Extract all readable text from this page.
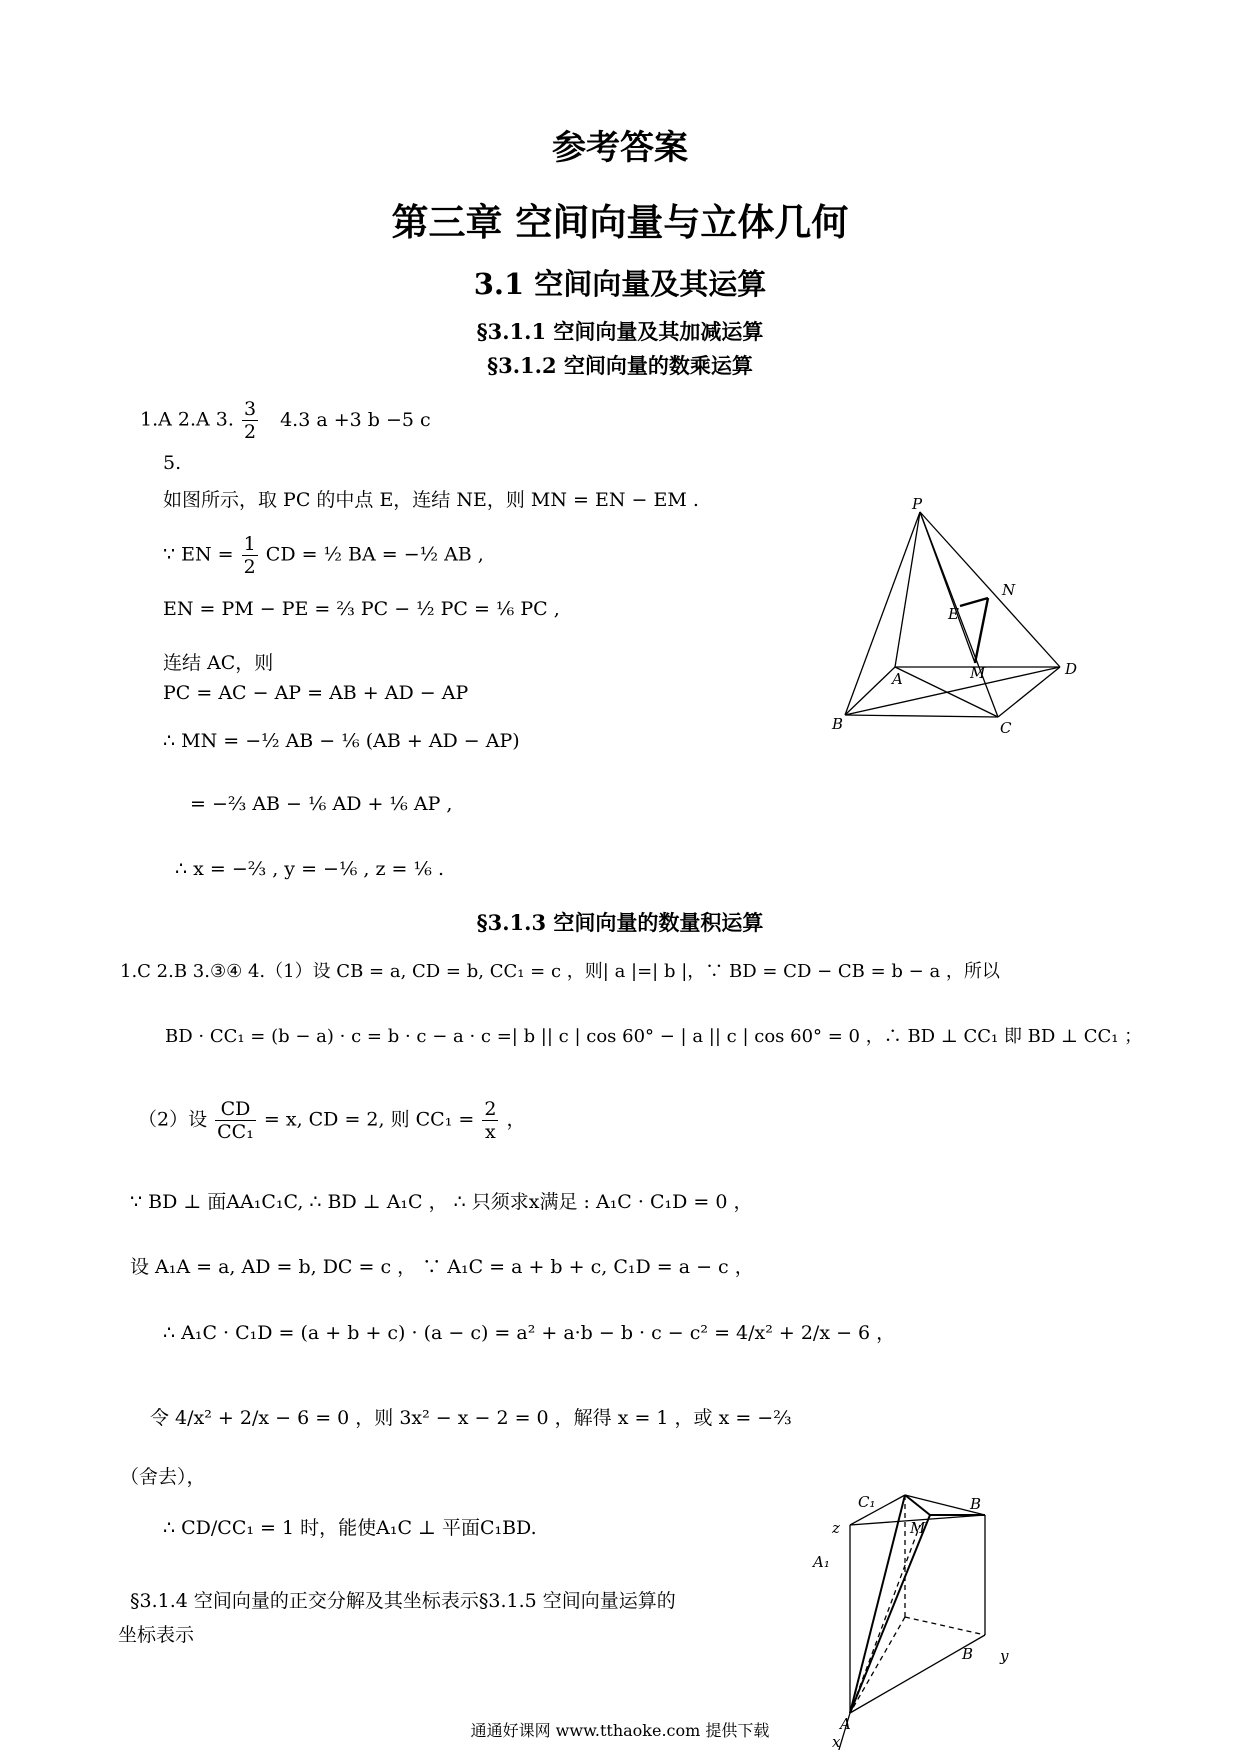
参考答案
第三章 空间向量与立体几何
3.1 空间向量及其运算
§3.1.1 空间向量及其加减运算
§3.1.2 空间向量的数乘运算
1.A 2.A 3. $\frac{3}{2} 4.3$ a +3 b −5 c
5.
如图所示，取 PC 的中点 E，连结 NE，则 MN = EN − EM .
∵ EN = $\frac{1}{2}$ CD = ½ BA = −½ AB ,
EN = PM − PE = ⅔ PC − ½ PC = ⅙ PC ,
连结 AC，则
PC = AC − AP = AB + AD − AP
∴ MN = −½ AB − ⅙ (AB + AD − AP)
= −⅔ AB − ⅙ AD + ⅙ AP ,
∴ x = −⅔ , y = −⅙ , z = ⅙ .
P
N
E
M
A
D
B	C
§3.1.3 空间向量的数量积运算
1.C 2.B 3.③④ 4.（1）设 CB = a, CD = b, CC₁ = c ，则| a |=| b |，∵ BD = CD − CB = b − a ，所以
BD · CC₁ = (b − a) · c = b · c − a · c =| b || c | cos 60° − | a || c | cos 60° = 0 ，∴ BD ⊥ CC₁ 即 BD ⊥ CC₁ ；
（2）设 $\frac{CD}{\text{CC₁}} = x$, CD = 2, 则 $CC_1 = \frac{2}{x}$ ，
∵ BD ⊥ 面AA₁C₁C, ∴ BD ⊥ A₁C ， ∴ 只须求x满足 : A₁C · C₁D = 0 ，
设 A₁A = a, AD = b, DC = c ， ∵ A₁C = a + b + c, C₁D = a − c ，
∴ A₁C · C₁D = (a + b + c) · (a − c) = a² + a·b − b · c − c² = 4/x² + 2/x − 6 ，
令 4/x² + 2/x − 6 = 0 ，则 3x² − x − 2 = 0 ，解得 x = 1 ，或 x = −⅔
（舍去），
∴ CD/CC₁ = 1 时，能使A₁C ⊥ 平面C₁BD.
§3.1.4 空间向量的正交分解及其坐标表示§3.1.5 空间向量运算的
坐标表示
z
C₁	B
A₁
M
B y
A
x
通通好课网 www.tthaoke.com 提供下载
